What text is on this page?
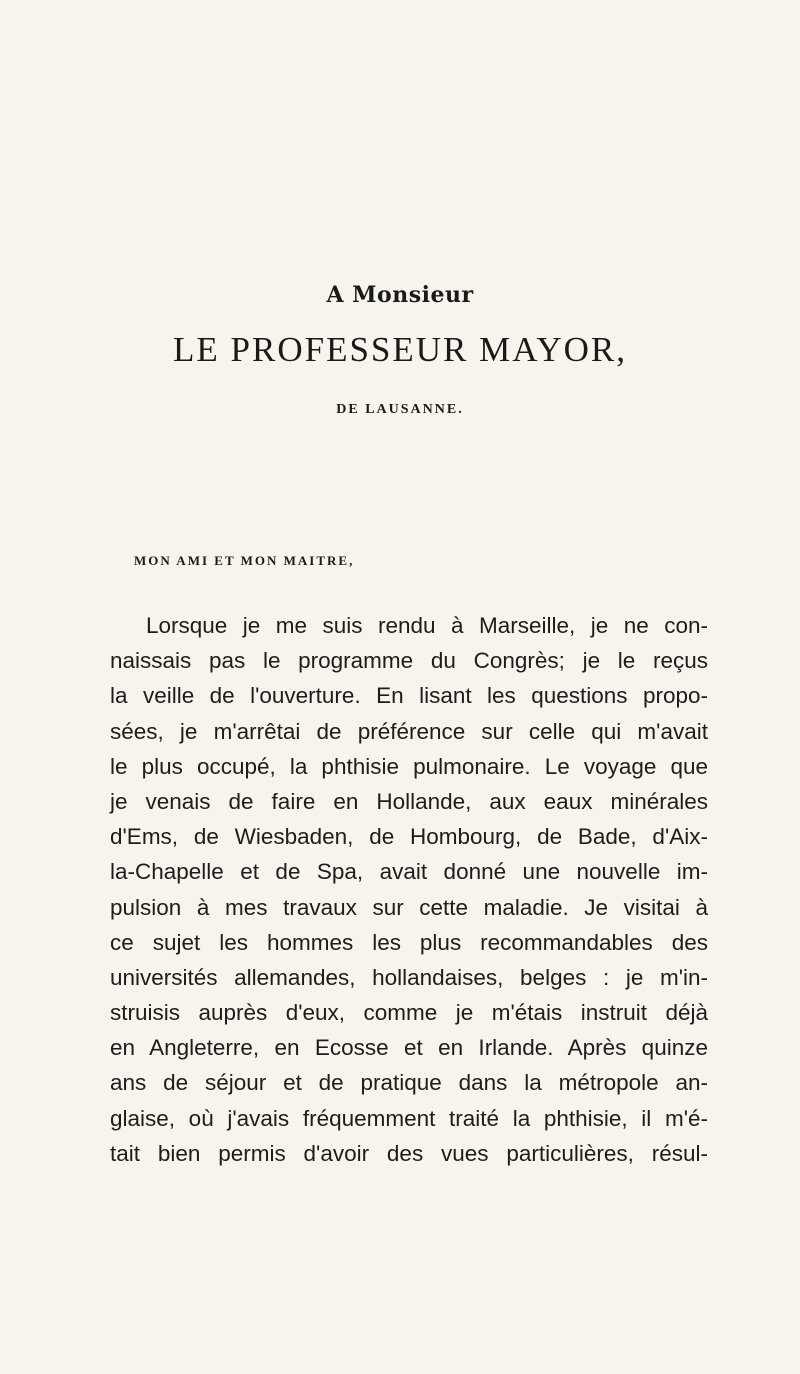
A Monsieur
LE PROFESSEUR MAYOR,
DE LAUSANNE.
MON AMI ET MON MAITRE,
Lorsque je me suis rendu à Marseille, je ne con-
naissais pas le programme du Congrès; je le reçus
la veille de l'ouverture. En lisant les questions propo-
sées, je m'arrêtai de préférence sur celle qui m'avait
le plus occupé, la phthisie pulmonaire. Le voyage que
je venais de faire en Hollande, aux eaux minérales
d'Ems, de Wiesbaden, de Hombourg, de Bade, d'Aix-
la-Chapelle et de Spa, avait donné une nouvelle im-
pulsion à mes travaux sur cette maladie. Je visitai à
ce sujet les hommes les plus recommandables des
universités allemandes, hollandaises, belges : je m'in-
struisis auprès d'eux, comme je m'étais instruit déjà
en Angleterre, en Ecosse et en Irlande. Après quinze
ans de séjour et de pratique dans la métropole an-
glaise, où j'avais fréquemment traité la phthisie, il m'é-
tait bien permis d'avoir des vues particulières, résul-
